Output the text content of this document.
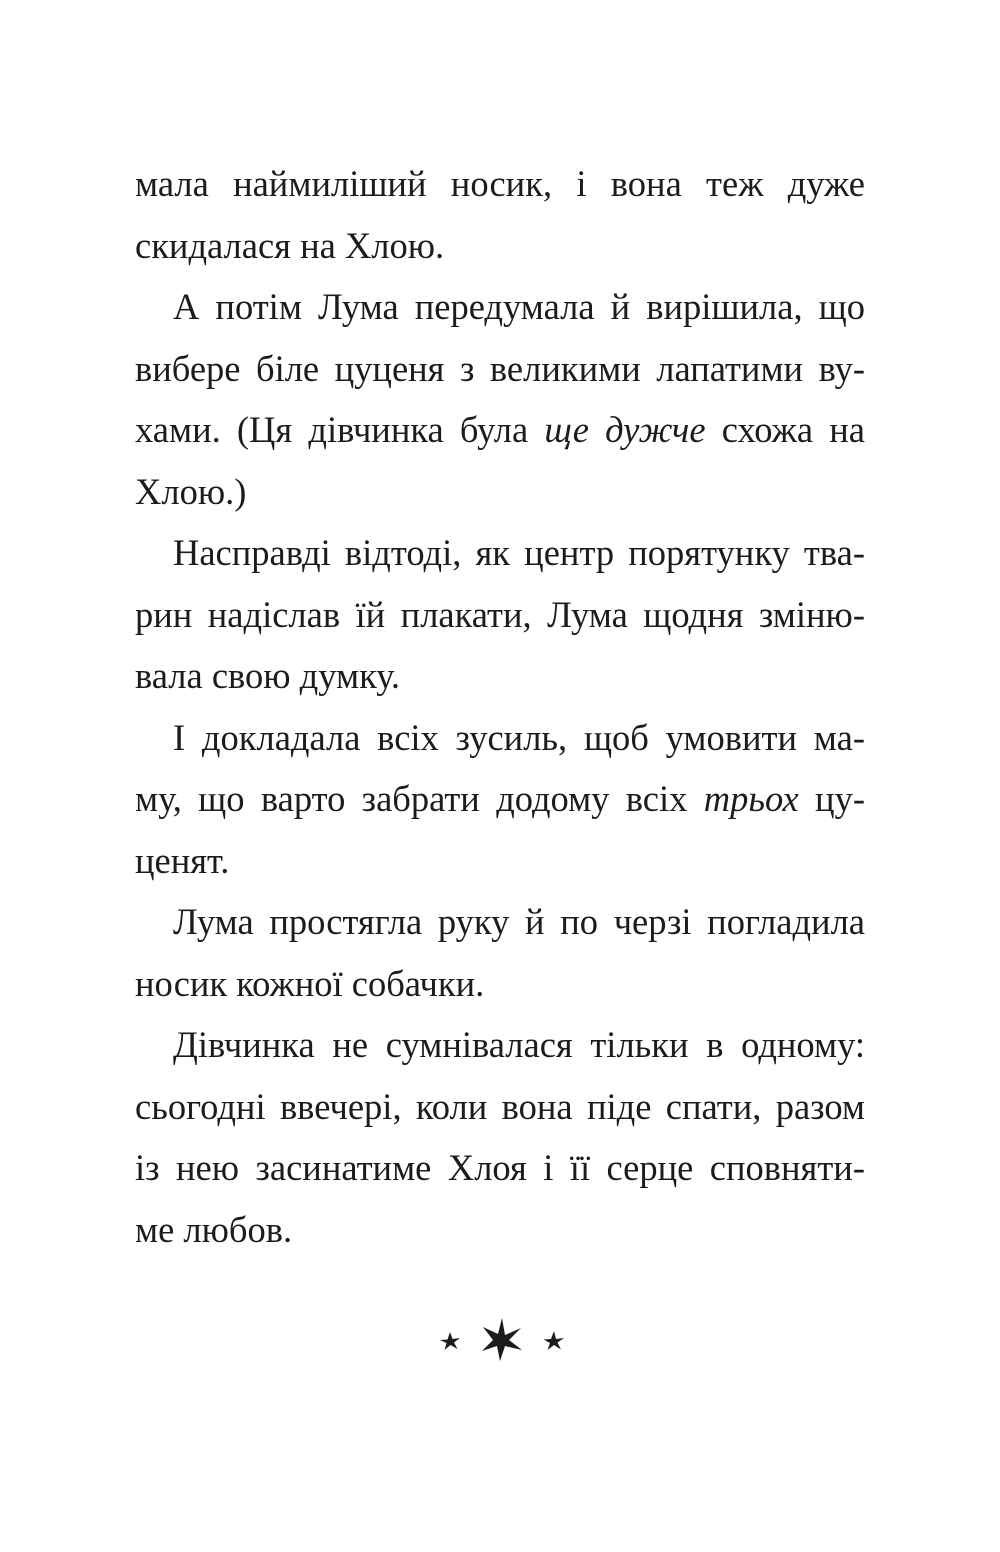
мала наймиліший носик, і вона теж дуже
скидалася на Хлою.
А потім Лума передумала й вирішила, що
вибере біле цуценя з великими лапатими ву-
хами. (Ця дівчинка була ще дужче схожа на
Хлою.)
Насправді відтоді, як центр порятунку тва-
рин надіслав їй плакати, Лума щодня зміню-
вала свою думку.
І докладала всіх зусиль, щоб умовити ма-
му, що варто забрати додому всіх трьох цу-
ценят.
Лума простягла руку й по черзі погладила
носик кожної собачки.
Дівчинка не сумнівалася тільки в одному:
сьогодні ввечері, коли вона піде спати, разом
із нею засинатиме Хлоя і її серце сповняти-
ме любов.
